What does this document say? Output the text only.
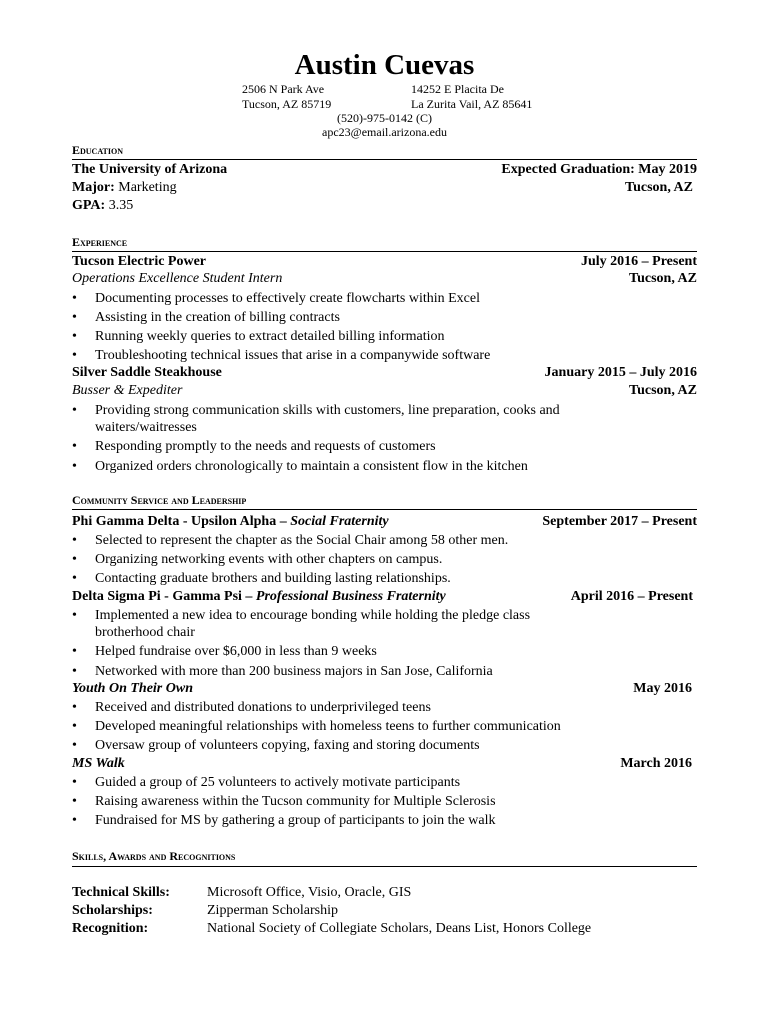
Austin Cuevas
2506 N Park Ave
Tucson, AZ 85719
14252 E Placita De
La Zurita Vail, AZ 85641
(520)-975-0142 (C)
apc23@email.arizona.edu
Education
The University of Arizona	Expected Graduation: May 2019
Major: Marketing	Tucson, AZ
GPA: 3.35
Experience
Tucson Electric Power	July 2016 – Present
Operations Excellence Student Intern	Tucson, AZ
• Documenting processes to effectively create flowcharts within Excel
• Assisting in the creation of billing contracts
• Running weekly queries to extract detailed billing information
• Troubleshooting technical issues that arise in a companywide software
Silver Saddle Steakhouse	January 2015 – July 2016
Busser & Expediter	Tucson, AZ
• Providing strong communication skills with customers, line preparation, cooks and waiters/waitresses
• Responding promptly to the needs and requests of customers
• Organized orders chronologically to maintain a consistent flow in the kitchen
Community Service and Leadership
Phi Gamma Delta - Upsilon Alpha – Social Fraternity	September 2017 – Present
• Selected to represent the chapter as the Social Chair among 58 other men.
• Organizing networking events with other chapters on campus.
• Contacting graduate brothers and building lasting relationships.
Delta Sigma Pi - Gamma Psi – Professional Business Fraternity	April 2016 – Present
• Implemented a new idea to encourage bonding while holding the pledge class brotherhood chair
• Helped fundraise over $6,000 in less than 9 weeks
• Networked with more than 200 business majors in San Jose, California
Youth On Their Own	May 2016
• Received and distributed donations to underprivileged teens
• Developed meaningful relationships with homeless teens to further communication
• Oversaw group of volunteers copying, faxing and storing documents
MS Walk	March 2016
• Guided a group of 25 volunteers to actively motivate participants
• Raising awareness within the Tucson community for Multiple Sclerosis
• Fundraised for MS by gathering a group of participants to join the walk
Skills, Awards and Recognitions
Technical Skills:	Microsoft Office, Visio, Oracle, GIS
Scholarships:	Zipperman Scholarship
Recognition:	National Society of Collegiate Scholars, Deans List, Honors College
